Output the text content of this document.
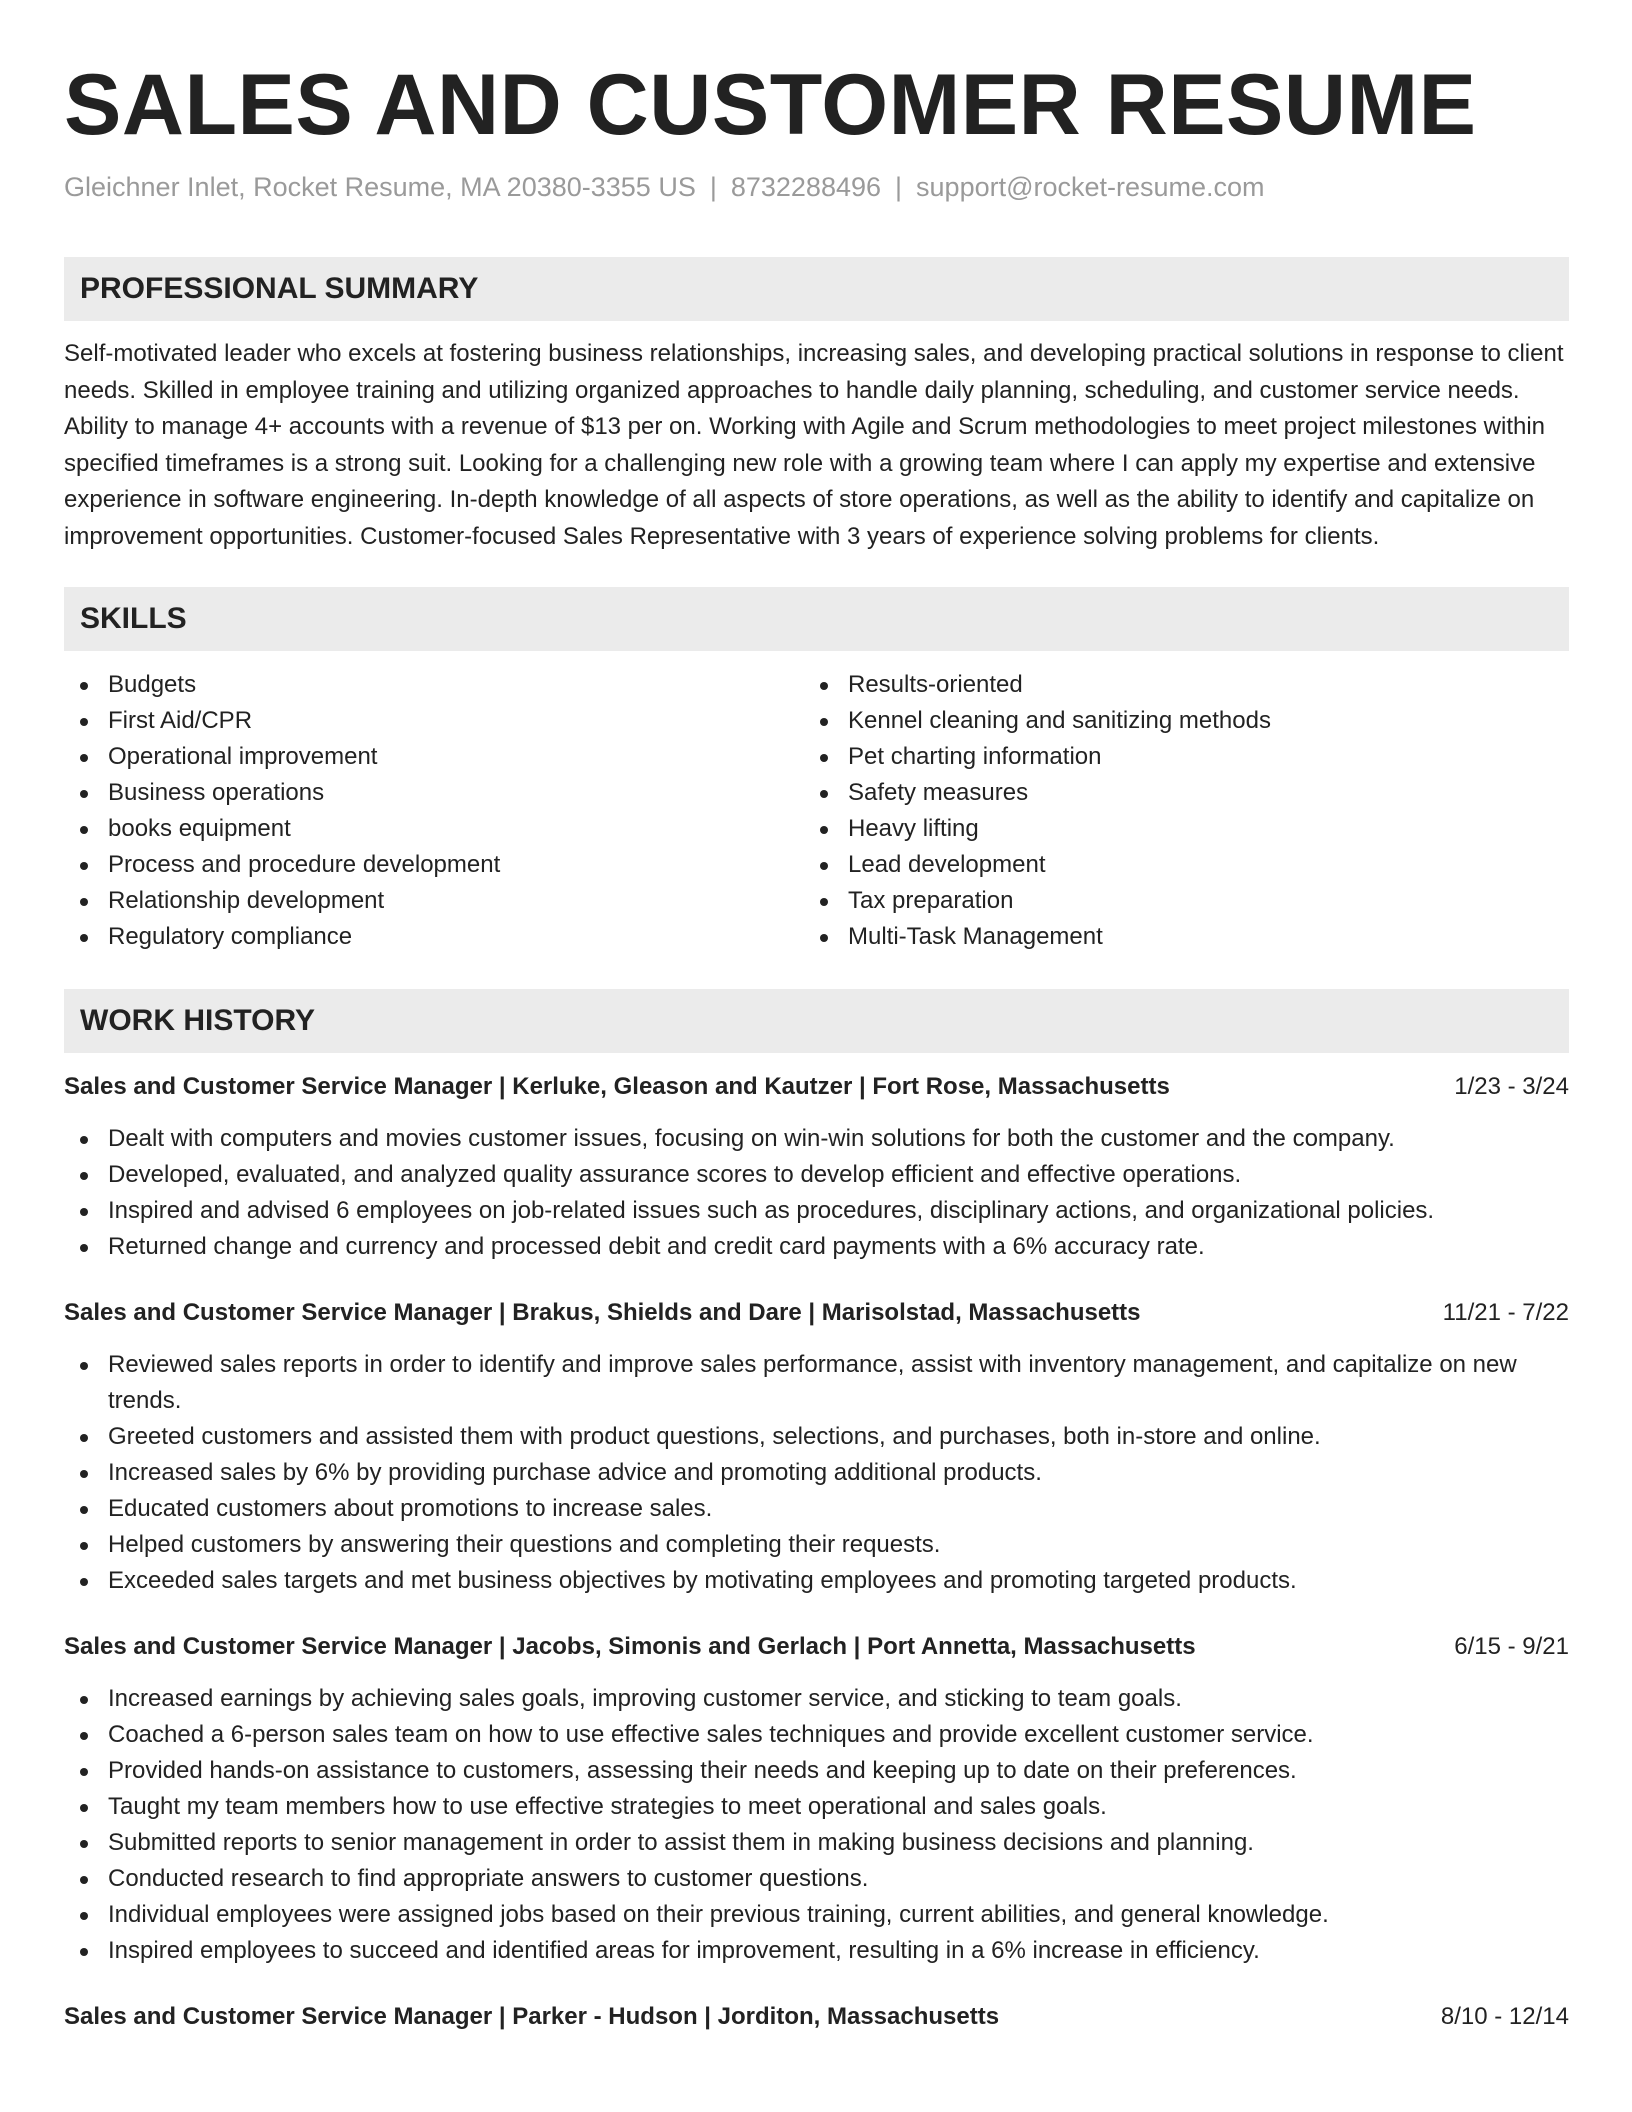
SALES AND CUSTOMER RESUME
Gleichner Inlet, Rocket Resume, MA 20380-3355 US | 8732288496 | support@rocket-resume.com
PROFESSIONAL SUMMARY

Self-motivated leader who excels at fostering business relationships, increasing sales, and developing practical solutions in response to client needs. Skilled in employee training and utilizing organized approaches to handle daily planning, scheduling, and customer service needs. Ability to manage 4+ accounts with a revenue of $13 per on. Working with Agile and Scrum methodologies to meet project milestones within specified timeframes is a strong suit. Looking for a challenging new role with a growing team where I can apply my expertise and extensive experience in software engineering. In-depth knowledge of all aspects of store operations, as well as the ability to identify and capitalize on improvement opportunities. Customer-focused Sales Representative with 3 years of experience solving problems for clients.

SKILLS
Budgets
First Aid/CPR
Operational improvement
Business operations
books equipment
Process and procedure development
Relationship development
Regulatory compliance
Results-oriented
Kennel cleaning and sanitizing methods
Pet charting information
Safety measures
Heavy lifting
Lead development
Tax preparation
Multi-Task Management
WORK HISTORY
Sales and Customer Service Manager | Kerluke, Gleason and Kautzer | Fort Rose, Massachusetts	1/23 - 3/24
Dealt with computers and movies customer issues, focusing on win-win solutions for both the customer and the company.
Developed, evaluated, and analyzed quality assurance scores to develop efficient and effective operations.
Inspired and advised 6 employees on job-related issues such as procedures, disciplinary actions, and organizational policies.
Returned change and currency and processed debit and credit card payments with a 6% accuracy rate.
Sales and Customer Service Manager | Brakus, Shields and Dare | Marisolstad, Massachusetts	11/21 - 7/22
Reviewed sales reports in order to identify and improve sales performance, assist with inventory management, and capitalize on new trends.
Greeted customers and assisted them with product questions, selections, and purchases, both in-store and online.
Increased sales by 6% by providing purchase advice and promoting additional products.
Educated customers about promotions to increase sales.
Helped customers by answering their questions and completing their requests.
Exceeded sales targets and met business objectives by motivating employees and promoting targeted products.
Sales and Customer Service Manager | Jacobs, Simonis and Gerlach | Port Annetta, Massachusetts	6/15 - 9/21
Increased earnings by achieving sales goals, improving customer service, and sticking to team goals.
Coached a 6-person sales team on how to use effective sales techniques and provide excellent customer service.
Provided hands-on assistance to customers, assessing their needs and keeping up to date on their preferences.
Taught my team members how to use effective strategies to meet operational and sales goals.
Submitted reports to senior management in order to assist them in making business decisions and planning.
Conducted research to find appropriate answers to customer questions.
Individual employees were assigned jobs based on their previous training, current abilities, and general knowledge.
Inspired employees to succeed and identified areas for improvement, resulting in a 6% increase in efficiency.
Sales and Customer Service Manager | Parker - Hudson | Jorditon, Massachusetts	8/10 - 12/14
